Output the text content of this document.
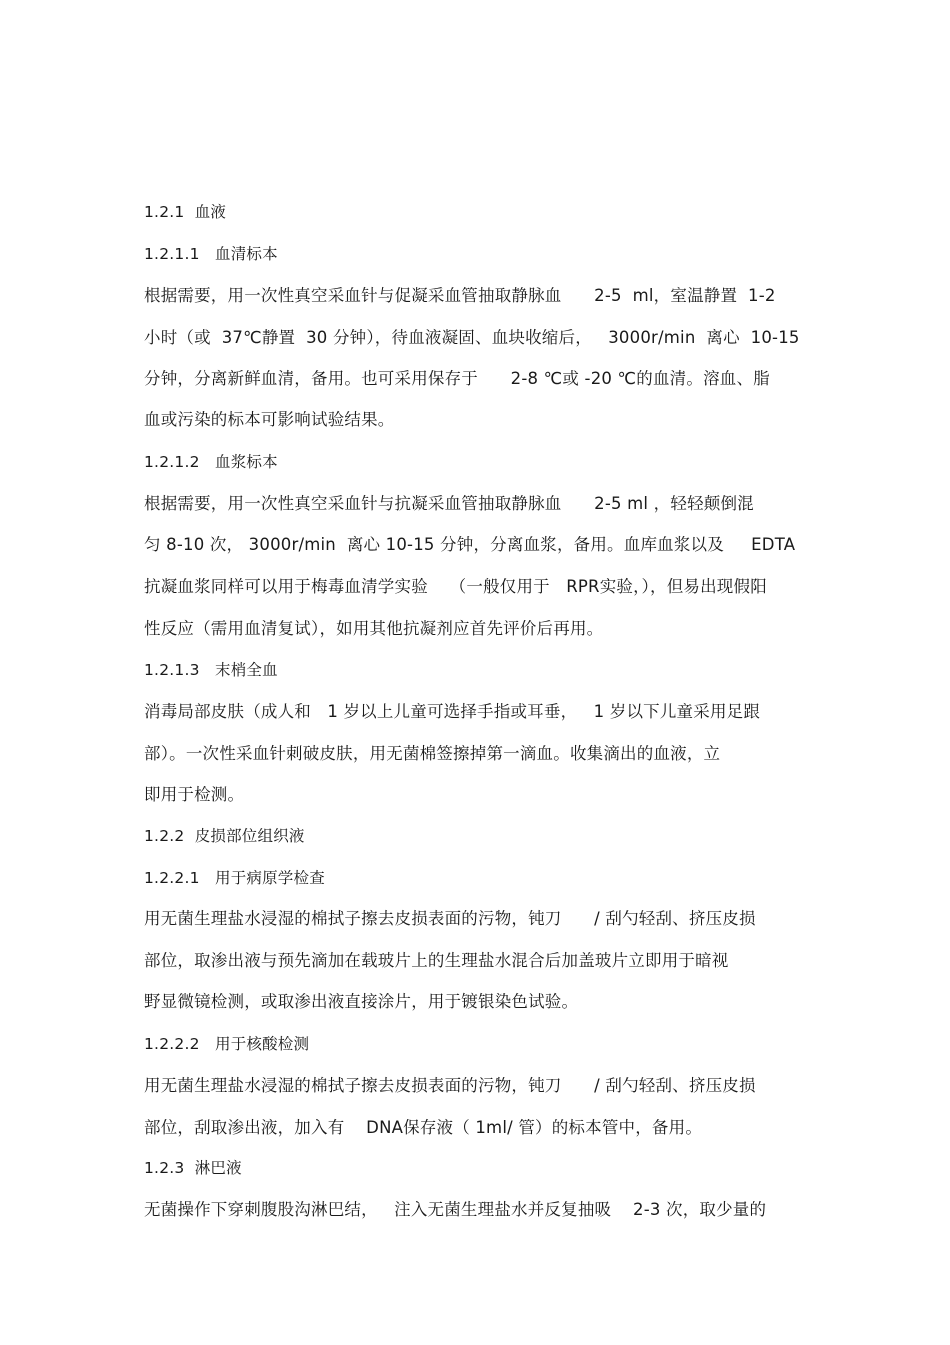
1.2.1  血液
1.2.1.1   血清标本
根据需要，用一次性真空采血针与促凝采血管抽取静脉血      2-5  ml，室温静置  1-2
小时（或  37℃静置  30 分钟），待血液凝固、血块收缩后，   3000r/min  离心  10-15
分钟，分离新鲜血清，备用。也可采用保存于      2-8 ℃或 -20 ℃的血清。溶血、脂
血或污染的标本可影响试验结果。
1.2.1.2   血浆标本
根据需要，用一次性真空采血针与抗凝采血管抽取静脉血      2-5 ml ，轻轻颠倒混
匀 8-10 次， 3000r/min  离心 10-15 分钟，分离血浆，备用。血库血浆以及     EDTA
抗凝血浆同样可以用于梅毒血清学实验    （一般仅用于   RPR实验，），但易出现假阳
性反应（需用血清复试），如用其他抗凝剂应首先评价后再用。
1.2.1.3   末梢全血
消毒局部皮肤（成人和   1 岁以上儿童可选择手指或耳垂，   1 岁以下儿童采用足跟
部）。一次性采血针刺破皮肤，用无菌棉签擦掉第一滴血。收集滴出的血液，立
即用于检测。
1.2.2  皮损部位组织液
1.2.2.1   用于病原学检查
用无菌生理盐水浸湿的棉拭子擦去皮损表面的污物，钝刀      / 刮勺轻刮、挤压皮损
部位，取渗出液与预先滴加在载玻片上的生理盐水混合后加盖玻片立即用于暗视
野显微镜检测，或取渗出液直接涂片，用于镀银染色试验。
1.2.2.2   用于核酸检测
用无菌生理盐水浸湿的棉拭子擦去皮损表面的污物，钝刀      / 刮勺轻刮、挤压皮损
部位，刮取渗出液，加入有    DNA保存液（ 1ml/ 管）的标本管中，备用。
1.2.3  淋巴液
无菌操作下穿刺腹股沟淋巴结，   注入无菌生理盐水并反复抽吸    2-3 次，取少量的
